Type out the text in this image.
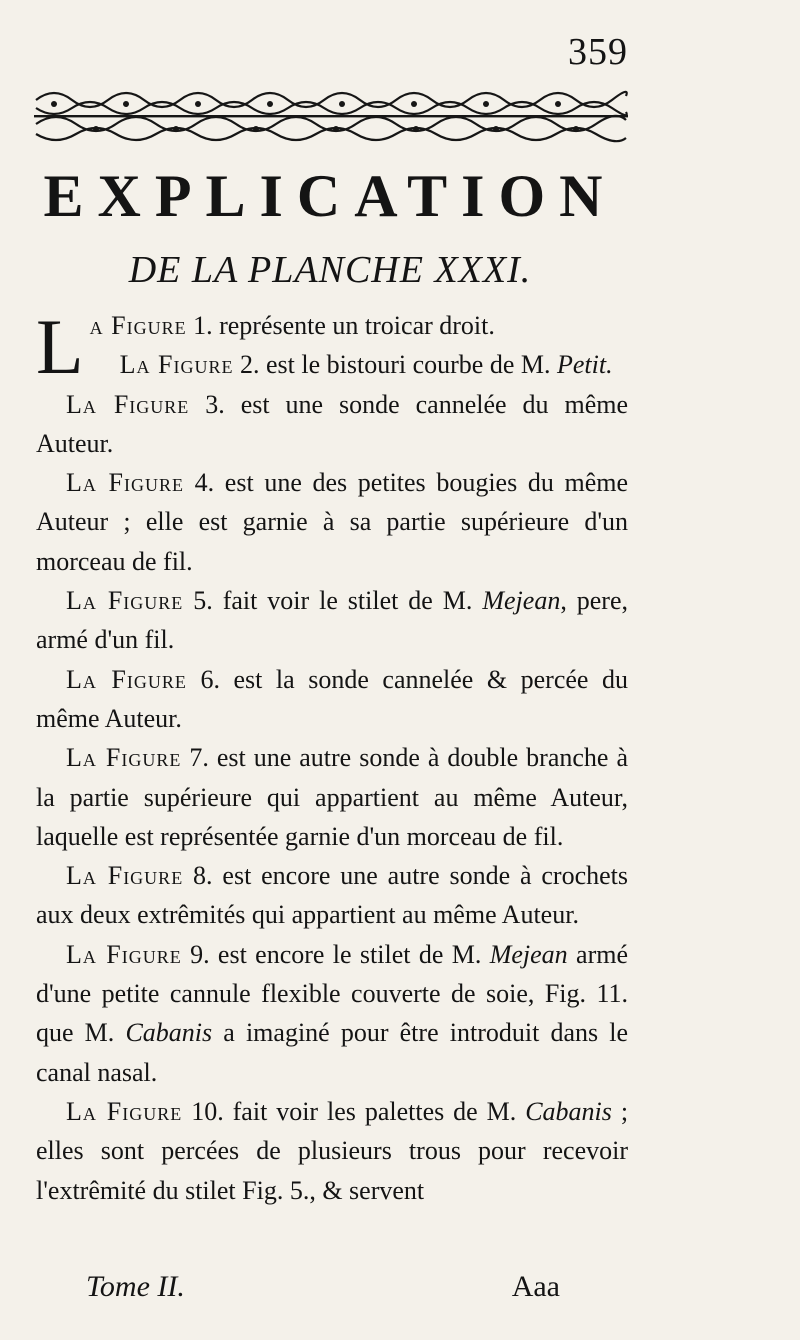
359
EXPLICATION
DE LA PLANCHE XXXI.

La Figure 1. représente un troicar droit.

La Figure 2. est le bistouri courbe de M. Petit.

La Figure 3. est une sonde cannelée du même Auteur.

La Figure 4. est une des petites bougies du même Auteur ; elle est garnie à sa partie supérieure d'un morceau de fil.

La Figure 5. fait voir le stilet de M. Mejean, pere, armé d'un fil.

La Figure 6. est la sonde cannelée & percée du même Auteur.

La Figure 7. est une autre sonde à double branche à la partie supérieure qui appartient au même Auteur, laquelle est représentée garnie d'un morceau de fil.

La Figure 8. est encore une autre sonde à crochets aux deux extrêmités qui appartient au même Auteur.

La Figure 9. est encore le stilet de M. Mejean armé d'une petite cannule flexible couverte de soie, Fig. 11. que M. Cabanis a imaginé pour être introduit dans le canal nasal.

La Figure 10. fait voir les palettes de M. Cabanis ; elles sont percées de plusieurs trous pour recevoir l'extrêmité du stilet Fig. 5., & servent

Tome II.	Aaa
